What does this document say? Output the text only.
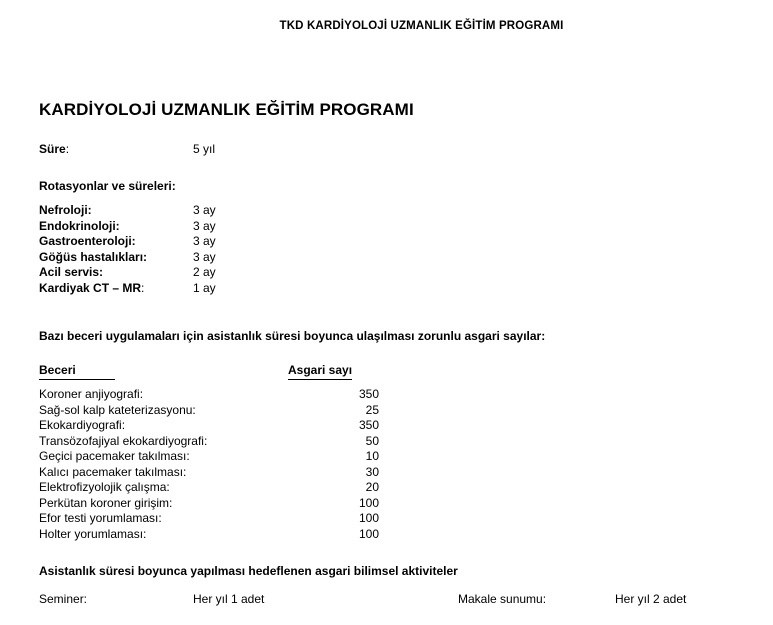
TKD KARDİYOLOJİ UZMANLIK EĞİTİM PROGRAMI
KARDİYOLOJİ UZMANLIK EĞİTİM PROGRAMI
Süre:	5 yıl
Rotasyonlar ve süreleri:
Nefroloji:	3 ay
Endokrinoloji:	3 ay
Gastroenteroloji:	3 ay
Göğüs hastalıkları:	3 ay
Acil servis:	2 ay
Kardiyak CT – MR:	1 ay
Bazı beceri uygulamaları için asistanlık süresi boyunca ulaşılması zorunlu asgari sayılar:
Beceri	Asgari sayı
Koroner anjiyografi:	350
Sağ-sol kalp kateterizasyonu:	25
Ekokardiyografi:	350
Transözofajiyal ekokardiyografi:	50
Geçici pacemaker takılması:	10
Kalıcı pacemaker takılması:	30
Elektrofizyolojik çalışma:	20
Perkütan koroner girişim:	100
Efor testi yorumlaması:	100
Holter yorumlaması:	100
Asistanlık süresi boyunca yapılması hedeflenen asgari bilimsel aktiviteler
Seminer:	Her yıl 1 adet	Makale sunumu:	Her yıl 2 adet
